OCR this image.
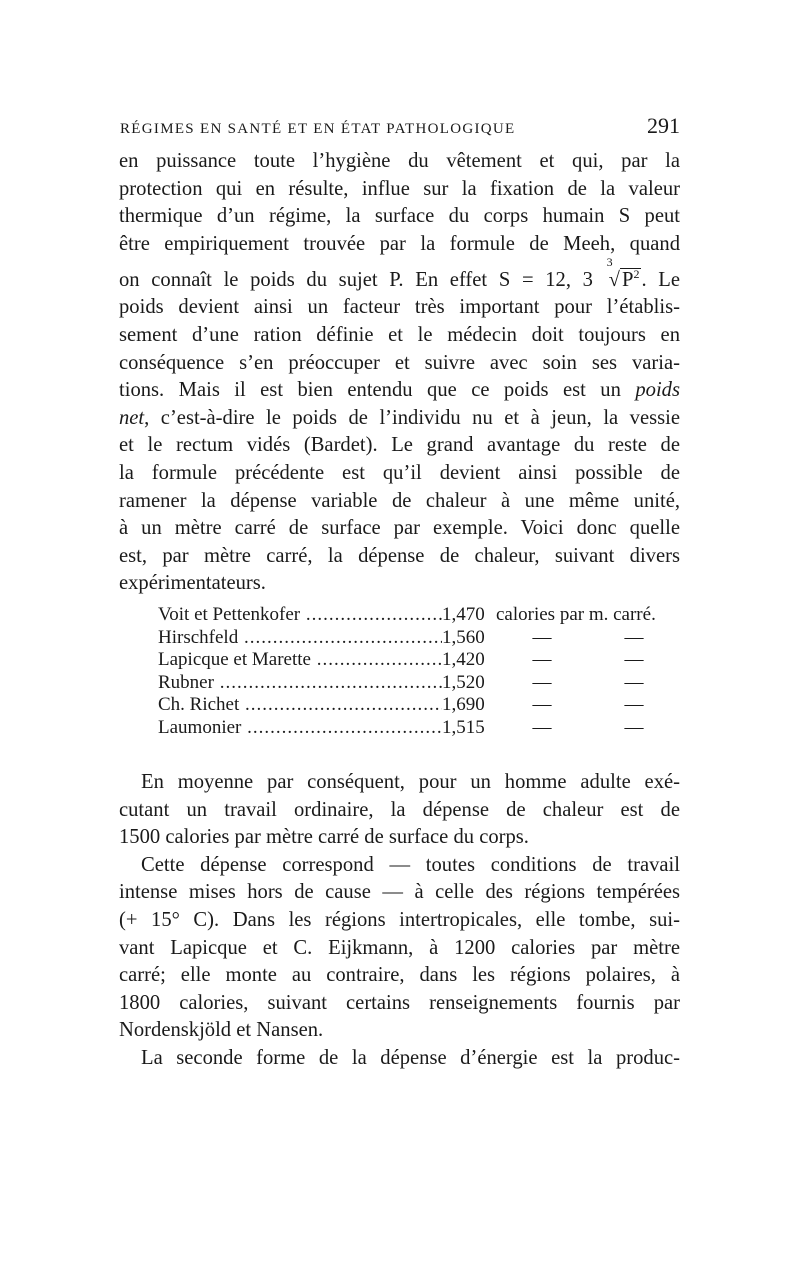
RÉGIMES EN SANTÉ ET EN ÉTAT PATHOLOGIQUE	291
en puissance toute l’hygiène du vêtement et qui, par la
protection qui en résulte, influe sur la fixation de la valeur
thermique d’un régime, la surface du corps humain S peut
être empiriquement trouvée par la formule de Meeh, quand
on connaît le poids du sujet P. En effet S = 12, 3
3
$√P^2$. Le
poids devient ainsi un facteur très important pour l’établis-
sement d’une ration définie et le médecin doit toujours en
conséquence s’en préoccuper et suivre avec soin ses varia-
tions. Mais il est bien entendu que ce poids est un poids
net, c’est-à-dire le poids de l’individu nu et à jeun, la vessie
et le rectum vidés (Bardet). Le grand avantage du reste de
la formule précédente est qu’il devient ainsi possible de
ramener la dépense variable de chaleur à une même unité,
à un mètre carré de surface par exemple. Voici donc quelle
est, par mètre carré, la dépense de chaleur, suivant divers
expérimentateurs.
Voit et Pettenkofer .....	1,470 calories par m. carré.
Hirschfeld .....	1,560	—	—
Lapicque et Marette .....	1,420	—	—
Rubner .....	1,520	—	—
Ch. Richet .....	1,690	—	—
Laumonier .....	1,515	—	—
En moyenne par conséquent, pour un homme adulte exé-
cutant un travail ordinaire, la dépense de chaleur est de
1500 calories par mètre carré de surface du corps.
Cette dépense correspond — toutes conditions de travail
intense mises hors de cause — à celle des régions tempérées
(+ 15° C). Dans les régions intertropicales, elle tombe, sui-
vant Lapicque et C. Eijkmann, à 1200 calories par mètre
carré; elle monte au contraire, dans les régions polaires, à
1800 calories, suivant certains renseignements fournis par
Nordenskjöld et Nansen.
La seconde forme de la dépense d’énergie est la produc-
